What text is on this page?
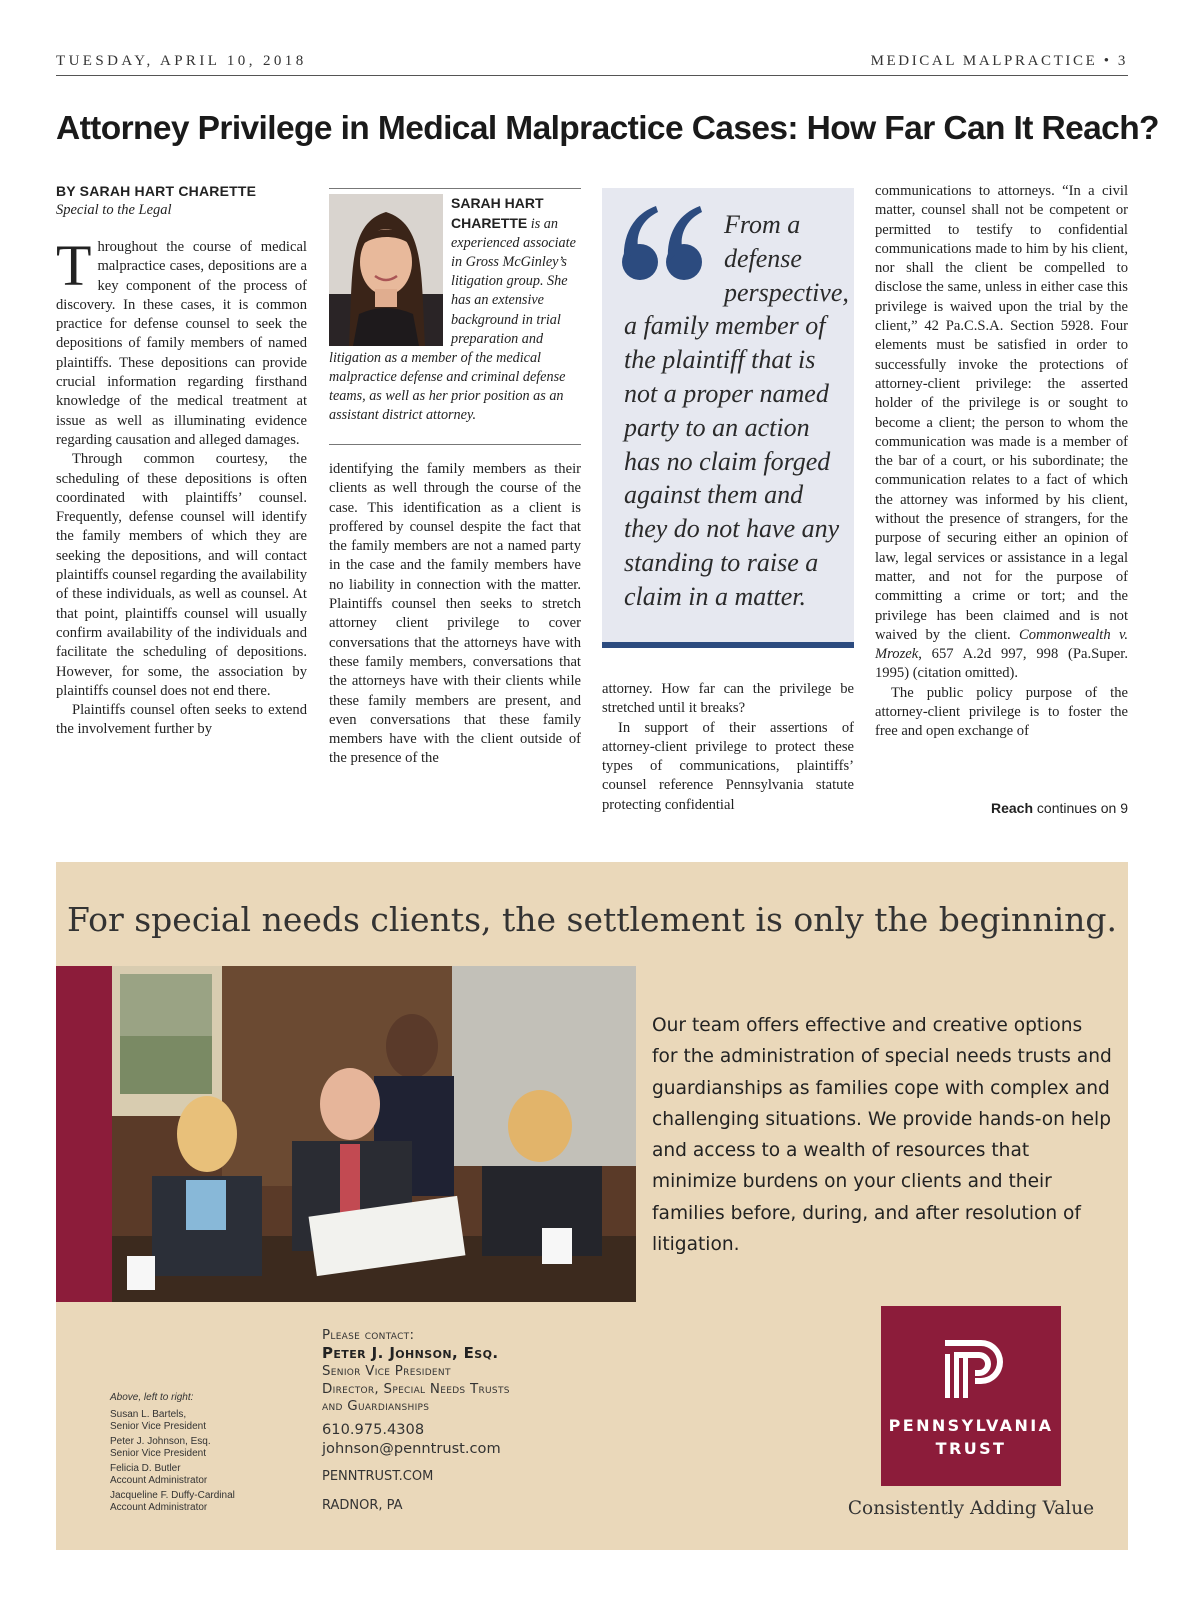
TUESDAY, APRIL 10, 2018	MEDICAL MALPRACTICE • 3
Attorney Privilege in Medical Malpractice Cases: How Far Can It Reach?
BY SARAH HART CHARETTE
Special to the Legal

Throughout the course of medical malpractice cases, depositions are a key component of the process of discovery. In these cases, it is common practice for defense counsel to seek the depositions of family members of named plaintiffs. These depositions can provide crucial information regarding firsthand knowledge of the medical treatment at issue as well as illuminating evidence regarding causation and alleged damages.

Through common courtesy, the scheduling of these depositions is often coordinated with plaintiffs’ counsel. Frequently, defense counsel will identify the family members of which they are seeking the depositions, and will contact plaintiffs counsel regarding the availability of these individuals, as well as counsel. At that point, plaintiffs counsel will usually confirm availability of the individuals and facilitate the scheduling of depositions. However, for some, the association by plaintiffs counsel does not end there.

Plaintiffs counsel often seeks to extend the involvement further by

SARAH HART CHARETTE is an experienced associate in Gross McGinley’s litigation group. She has an extensive background in trial preparation and litigation as a member of the medical malpractice defense and criminal defense teams, as well as her prior position as an assistant district attorney.

identifying the family members as their clients as well through the course of the case. This identification as a client is proffered by counsel despite the fact that the family members are not a named party in the case and the family members have no liability in connection with the matter. Plaintiffs counsel then seeks to stretch attorney client privilege to cover conversations that the attorneys have with these family members, conversations that the attorneys have with their clients while these family members are present, and even conversations that these family members have with the client outside of the presence of the

From a defense perspective,
a family member of the plaintiff that is not a proper named party to an action has no claim forged against them and they do not have any standing to raise a claim in a matter.

attorney. How far can the privilege be stretched until it breaks?

In support of their assertions of attorney-client privilege to protect these types of communications, plaintiffs’ counsel reference Pennsylvania statute protecting confidential

communications to attorneys. “In a civil matter, counsel shall not be competent or permitted to testify to confidential communications made to him by his client, nor shall the client be compelled to disclose the same, unless in either case this privilege is waived upon the trial by the client,” 42 Pa.C.S.A. Section 5928. Four elements must be satisfied in order to successfully invoke the protections of attorney-client privilege: the asserted holder of the privilege is or sought to become a client; the person to whom the communication was made is a member of the bar of a court, or his subordinate; the communication relates to a fact of which the attorney was informed by his client, without the presence of strangers, for the purpose of securing either an opinion of law, legal services or assistance in a legal matter, and not for the purpose of committing a crime or tort; and the privilege has been claimed and is not waived by the client. Commonwealth v. Mrozek, 657 A.2d 997, 998 (Pa.Super. 1995) (citation omitted).

The public policy purpose of the attorney-client privilege is to foster the free and open exchange of

Reach continues on 9
For special needs clients, the settlement is only the beginning.
Our team offers effective and creative options for the administration of special needs trusts and guardianships as families cope with complex and challenging situations. We provide hands-on help and access to a wealth of resources that minimize burdens on your clients and their families before, during, and after resolution of litigation.
Above, left to right:
Susan L. Bartels,
Senior Vice President
Peter J. Johnson, Esq.
Senior Vice President
Felicia D. Butler
Account Administrator
Jacqueline F. Duffy-Cardinal
Account Administrator
Please contact:
Peter J. Johnson, Esq.
Senior Vice President
Director, Special Needs Trusts
and Guardianships
610.975.4308
johnson@penntrust.com
PENNTRUST.COM
RADNOR, PA
PENNSYLVANIA
TRUST
Consistently Adding Value
